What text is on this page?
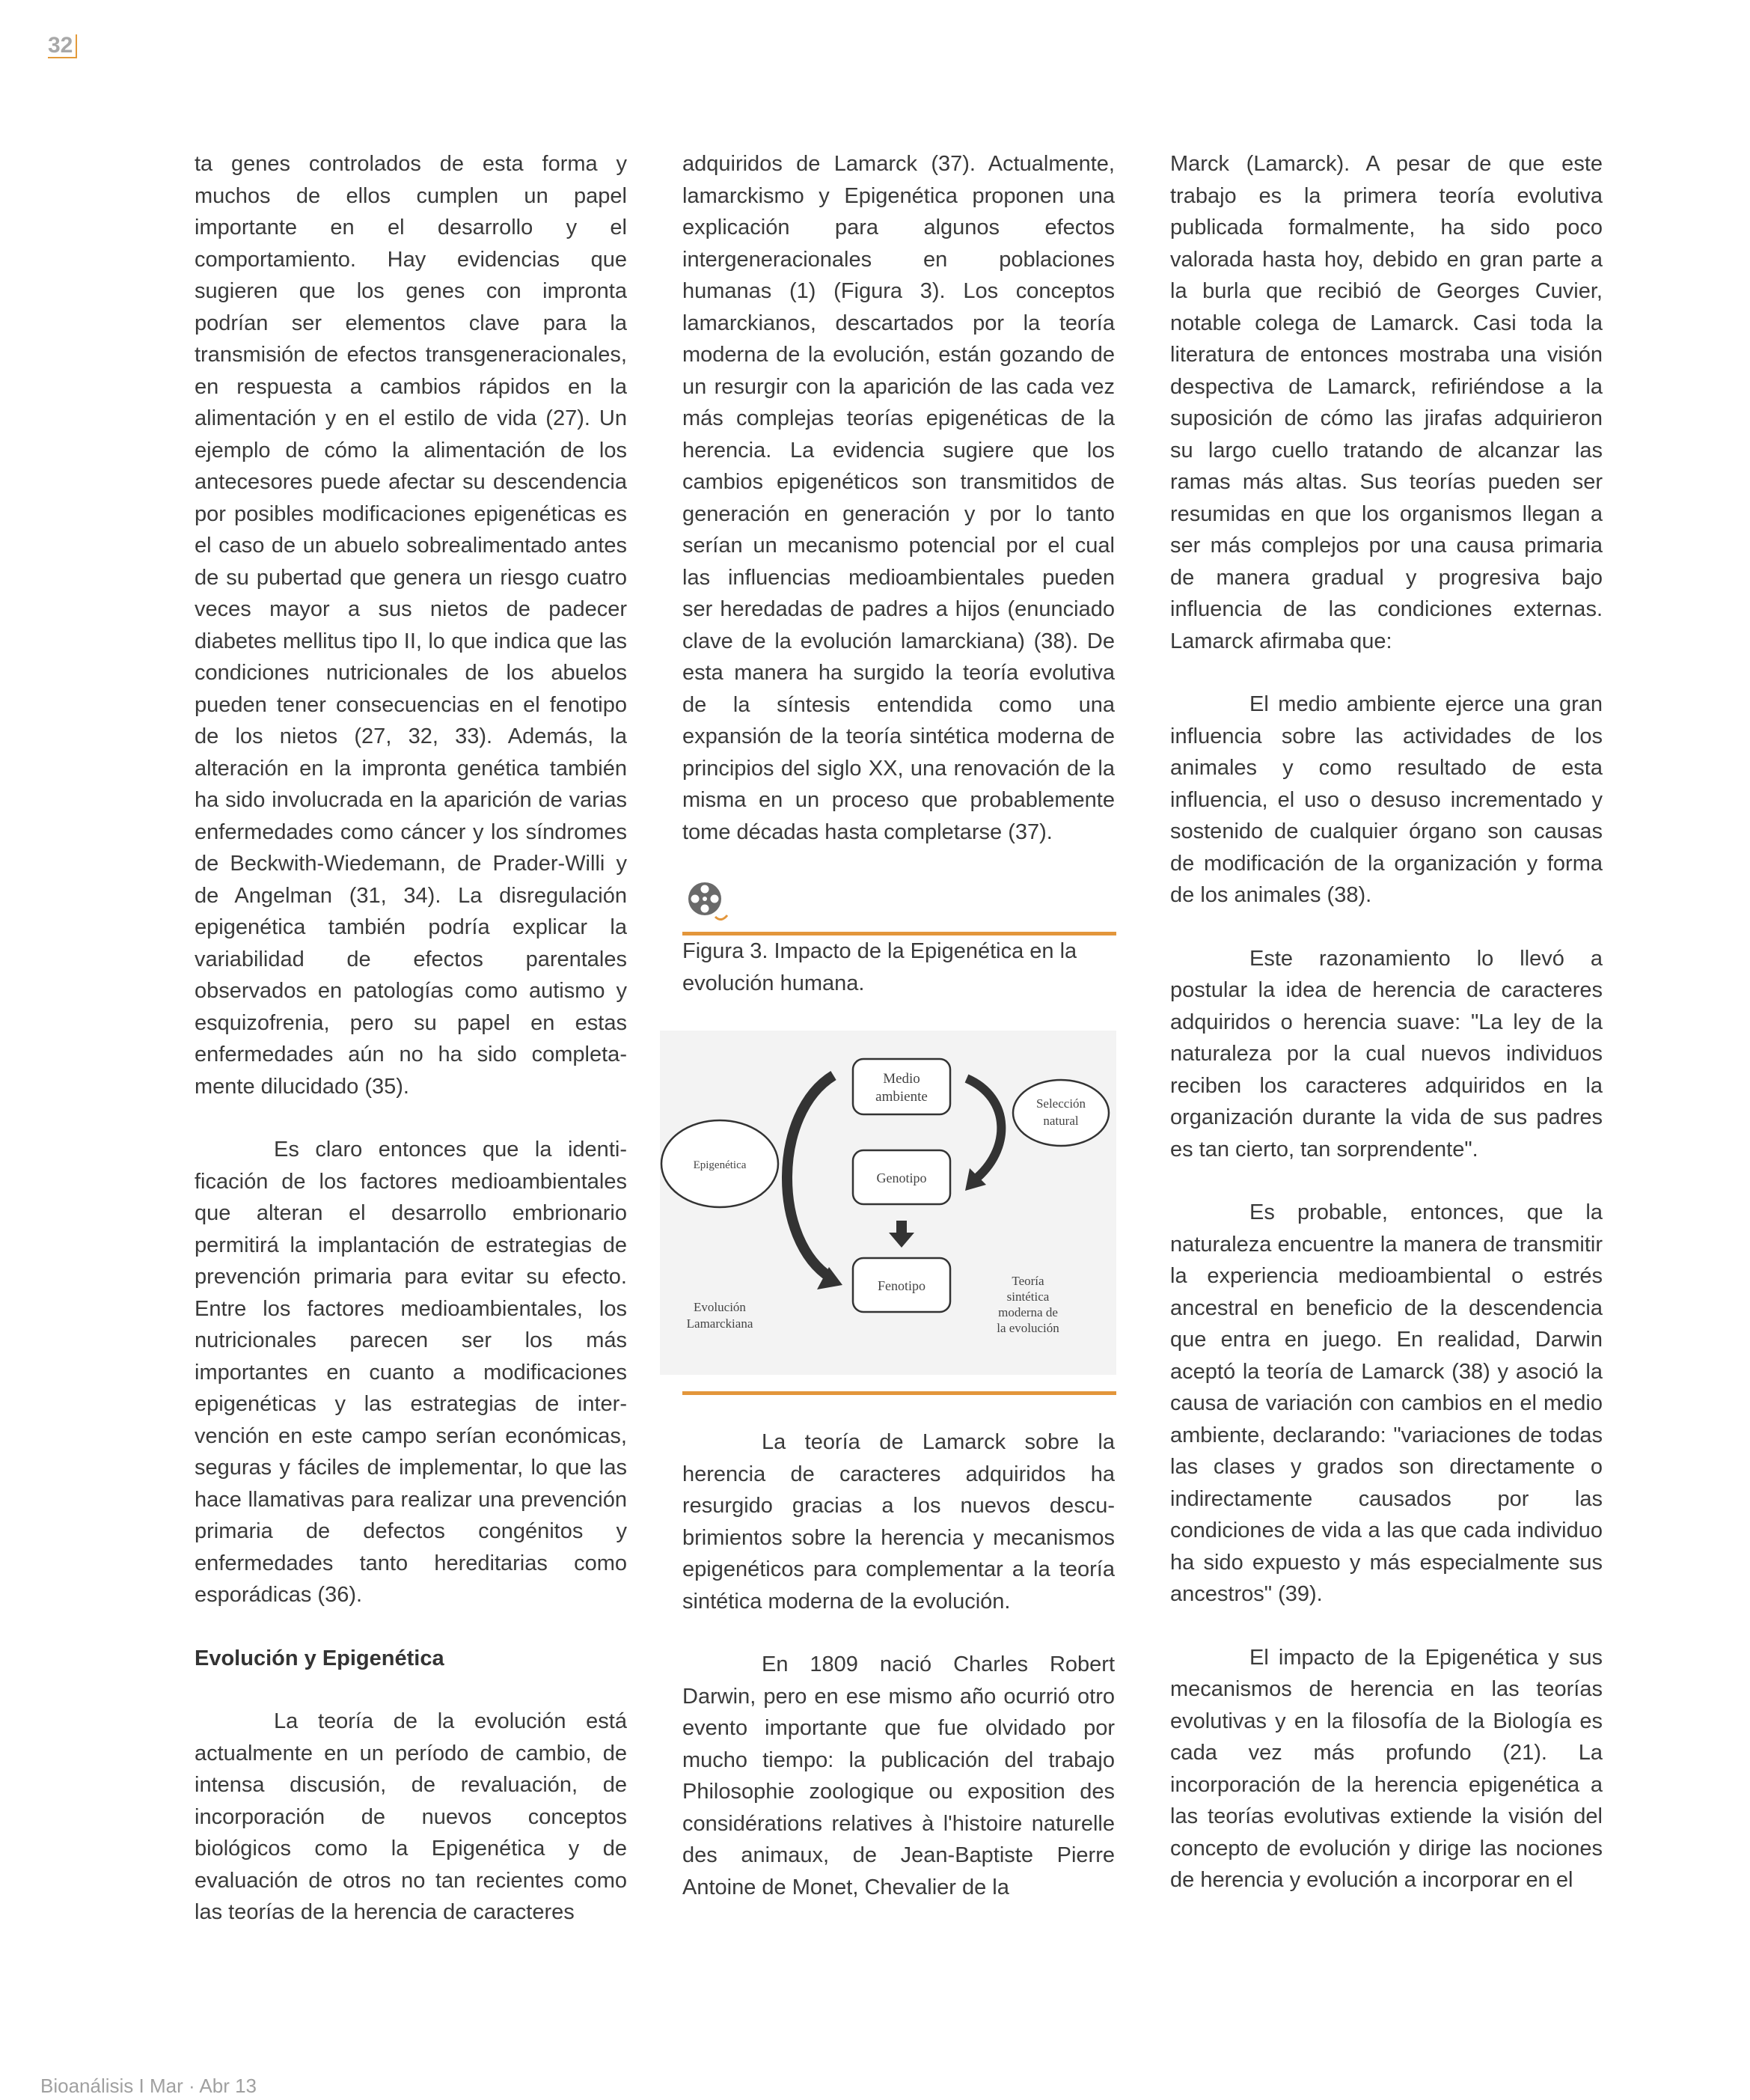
32

ta genes controlados de esta forma y muchos de ellos cumplen un papel importante en el desarrollo y el comportamiento. Hay evidencias que sugieren que los genes con impronta podrían ser elementos clave para la transmisión de efectos transgeneracionales, en respuesta a cambios rápidos en la alimentación y en el estilo de vida (27). Un ejemplo de cómo la alimentación de los antecesores puede afectar su descendencia por posibles modificaciones epigenéticas es el caso de un abuelo sobrealimentado antes de su pubertad que genera un riesgo cuatro veces mayor a sus nietos de padecer diabetes mellitus tipo II, lo que indica que las condiciones nutricionales de los abuelos pueden tener consecuencias en el fenotipo de los nietos (27, 32, 33). Además, la alteración en la impronta genética también ha sido involucrada en la aparición de varias enfermedades como cáncer y los síndromes de Beckwith-Wiedemann, de Prader-Willi y de Angelman (31, 34). La disregulación epigenética también podría explicar la variabilidad de efectos parentales observados en patologías como autismo y esquizofrenia, pero su papel en estas enfermedades aún no ha sido completamente dilucidado (35).

Es claro entonces que la identificación de los factores medioambientales que alteran el desarrollo embrionario permitirá la implantación de estrategias de prevención primaria para evitar su efecto. Entre los factores medioambientales, los nutricionales parecen ser los más importantes en cuanto a modificaciones epigenéticas y las estrategias de intervención en este campo serían económicas, seguras y fáciles de implementar, lo que las hace llamativas para realizar una prevención primaria de defectos congénitos y enfermedades tanto hereditarias como esporádicas (36).

Evolución y Epigenética

La teoría de la evolución está actualmente en un período de cambio, de intensa discusión, de revaluación, de incorporación de nuevos conceptos biológicos como la Epigenética y de evaluación de otros no tan recientes como las teorías de la herencia de caracteres

adquiridos de Lamarck (37). Actualmente, lamarckismo y Epigenética proponen una explicación para algunos efectos intergeneracionales en poblaciones humanas (1) (Figura 3). Los conceptos lamarckianos, descartados por la teoría moderna de la evolución, están gozando de un resurgir con la aparición de las cada vez más complejas teorías epigenéticas de la herencia. La evidencia sugiere que los cambios epigenéticos son transmitidos de generación en generación y por lo tanto serían un mecanismo potencial por el cual las influencias medioambientales pueden ser heredadas de padres a hijos (enunciado clave de la evolución lamarckiana) (38). De esta manera ha surgido la teoría evolutiva de la síntesis entendida como una expansión de la teoría sintética moderna de principios del siglo XX, una renovación de la misma en un proceso que probablemente tome décadas hasta completarse (37).

Figura 3. Impacto de la Epigenética en la evolución humana.

Medio
ambiente	Selección
natural
Epigenética
Genotipo
Fenotipo
Evolución
Lamarckiana
Teoría
sintética
moderna de
la evolución

La teoría de Lamarck sobre la herencia de caracteres adquiridos ha resurgido gracias a los nuevos descubrimientos sobre la herencia y mecanismos epigenéticos para complementar a la teoría sintética moderna de la evolución.

En 1809 nació Charles Robert Darwin, pero en ese mismo año ocurrió otro evento importante que fue olvidado por mucho tiempo: la publicación del trabajo Philosophie zoologique ou exposition des considérations relatives à l'histoire naturelle des animaux, de Jean-Baptiste Pierre Antoine de Monet, Chevalier de la

Marck (Lamarck). A pesar de que este trabajo es la primera teoría evolutiva publicada formalmente, ha sido poco valorada hasta hoy, debido en gran parte a la burla que recibió de Georges Cuvier, notable colega de Lamarck. Casi toda la literatura de entonces mostraba una visión despectiva de Lamarck, refiriéndose a la suposición de cómo las jirafas adquirieron su largo cuello tratando de alcanzar las ramas más altas. Sus teorías pueden ser resumidas en que los organismos llegan a ser más complejos por una causa primaria de manera gradual y progresiva bajo influencia de las condiciones externas. Lamarck afirmaba que:

El medio ambiente ejerce una gran influencia sobre las actividades de los animales y como resultado de esta influencia, el uso o desuso incrementado y sostenido de cualquier órgano son causas de modificación de la organización y forma de los animales (38).

Este razonamiento lo llevó a postular la idea de herencia de caracteres adquiridos o herencia suave: "La ley de la naturaleza por la cual nuevos individuos reciben los caracteres adquiridos en la organización durante la vida de sus padres es tan cierto, tan sorprendente".

Es probable, entonces, que la naturaleza encuentre la manera de transmitir la experiencia medioambiental o estrés ancestral en beneficio de la descendencia que entra en juego. En realidad, Darwin aceptó la teoría de Lamarck (38) y asoció la causa de variación con cambios en el medio ambiente, declarando: "variaciones de todas las clases y grados son directamente o indirectamente causados por las condiciones de vida a las que cada individuo ha sido expuesto y más especialmente sus ancestros" (39).

El impacto de la Epigenética y sus mecanismos de herencia en las teorías evolutivas y en la filosofía de la Biología es cada vez más profundo (21). La incorporación de la herencia epigenética a las teorías evolutivas extiende la visión del concepto de evolución y dirige las nociones de herencia y evolución a incorporar en el

Bioanálisis I Mar · Abr 13
